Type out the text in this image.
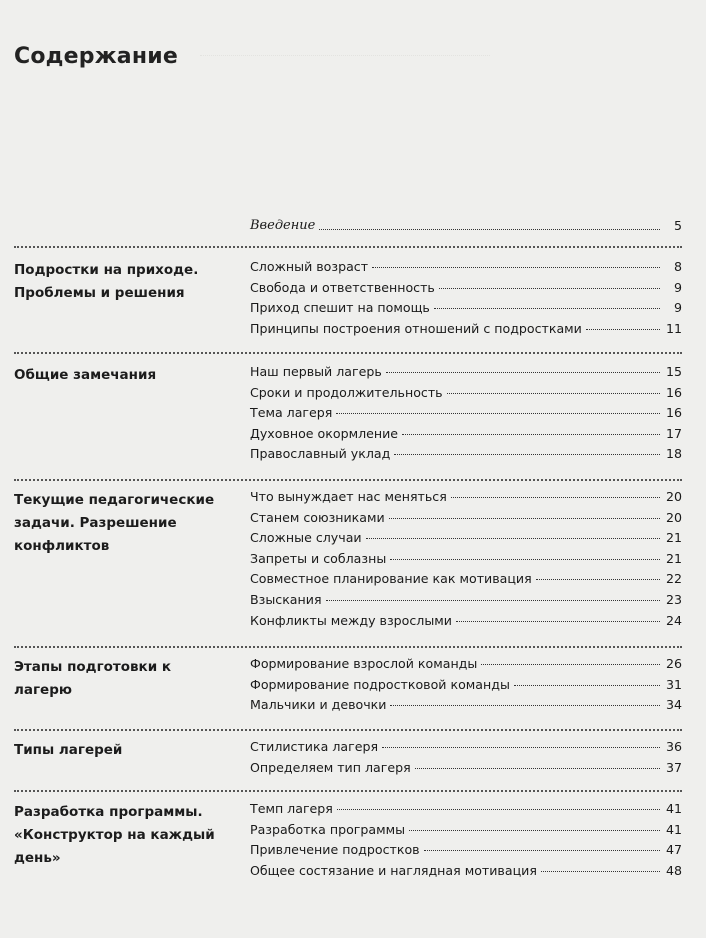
Содержание
Введение	5
Подростки на приходе. Проблемы и решения
Сложный возраст	8
Свобода и ответственность	9
Приход спешит на помощь	9
Принципы построения отношений с подростками	11
Общие замечания	Наш первый лагерь	15
Сроки и продолжительность	16
Тема лагеря	16
Духовное окормление	17
Православный уклад	18
Текущие педагогические задачи. Разрешение конфликтов
Что вынуждает нас меняться	20
Станем союзниками	20
Сложные случаи	21
Запреты и соблазны	21
Совместное планирование как мотивация	22
Взыскания	23
Конфликты между взрослыми	24
Этапы подготовки к лагерю
Формирование взрослой команды	26
Формирование подростковой команды	31
Мальчики и девочки	34
Типы лагерей	Стилистика лагеря	36
Определяем тип лагеря	37
Разработка программы. «Конструктор на каждый день»
Темп лагеря	41
Разработка программы	41
Привлечение подростков	47
Общее состязание и наглядная мотивация	48
